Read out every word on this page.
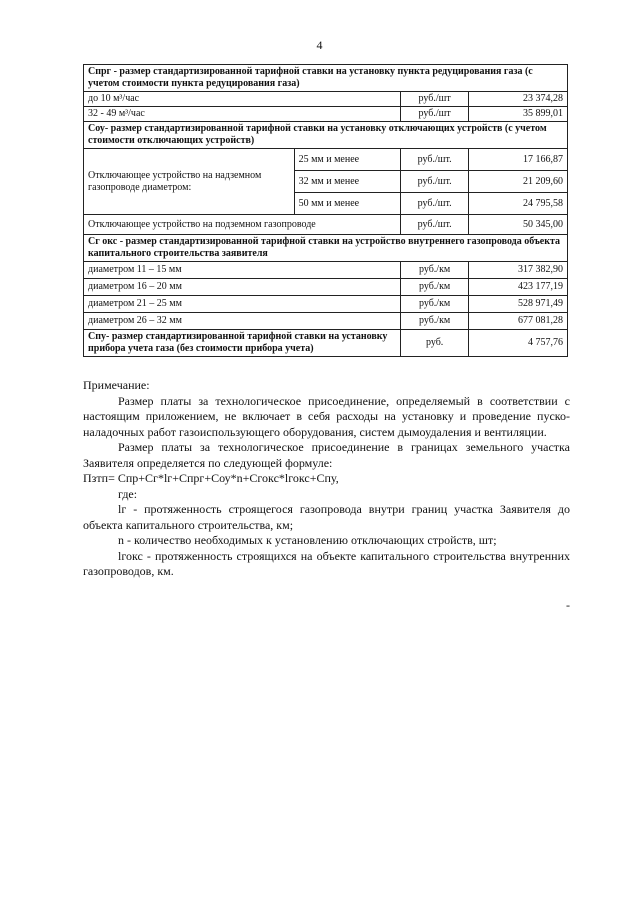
4
Спрг - размер стандартизированной тарифной ставки на установку пункта редуцирования газа (с учетом стоимости пункта редуцирования газа)			
до 10 м³/час		руб./шт	23 374,28
32 - 49 м³/час		руб./шт	35 899,01
Соу- размер стандартизированной тарифной ставки на установку отключающих устройств (с учетом стоимости отключающих устройств)			
Отключающее устройство на надземном газопроводе диаметром:	25 мм и менее	руб./шт.	17 166,87
	32 мм и менее	руб./шт.	21 209,60
	50 мм и менее	руб./шт.	24 795,58
Отключающее устройство на подземном газопроводе		руб./шт.	50 345,00
Сг окс - размер стандартизированной тарифной ставки на устройство внутреннего газопровода объекта капитального строительства заявителя			
диаметром 11 – 15 мм		руб./км	317 382,90
диаметром 16 – 20 мм		руб./км	423 177,19
диаметром 21 – 25 мм		руб./км	528 971,49
диаметром 26 – 32 мм		руб./км	677 081,28
Спу- размер стандартизированной тарифной ставки на установку прибора учета газа (без стоимости прибора учета)		руб.	4 757,76

Примечание:

Размер платы за технологическое присоединение, определяемый в соответствии с настоящим приложением, не включает в себя расходы на установку и проведение пуско-наладочных работ газоиспользующего оборудования, систем дымоудаления и вентиляции.

Размер платы за технологическое присоединение в границах земельного участка Заявителя определяется по следующей формуле:

Пзтп= Спр+Сг*lг+Спрг+Соу*n+Сгокс*lгокс+Спу,

где:

lг - протяженность строящегося газопровода внутри границ участка Заявителя до объекта капитального строительства, км;

n - количество необходимых к установлению отключающих стройств, шт;

lгокс - протяженность строящихся на объекте капитального строительства внутренних газопроводов, км.

-
